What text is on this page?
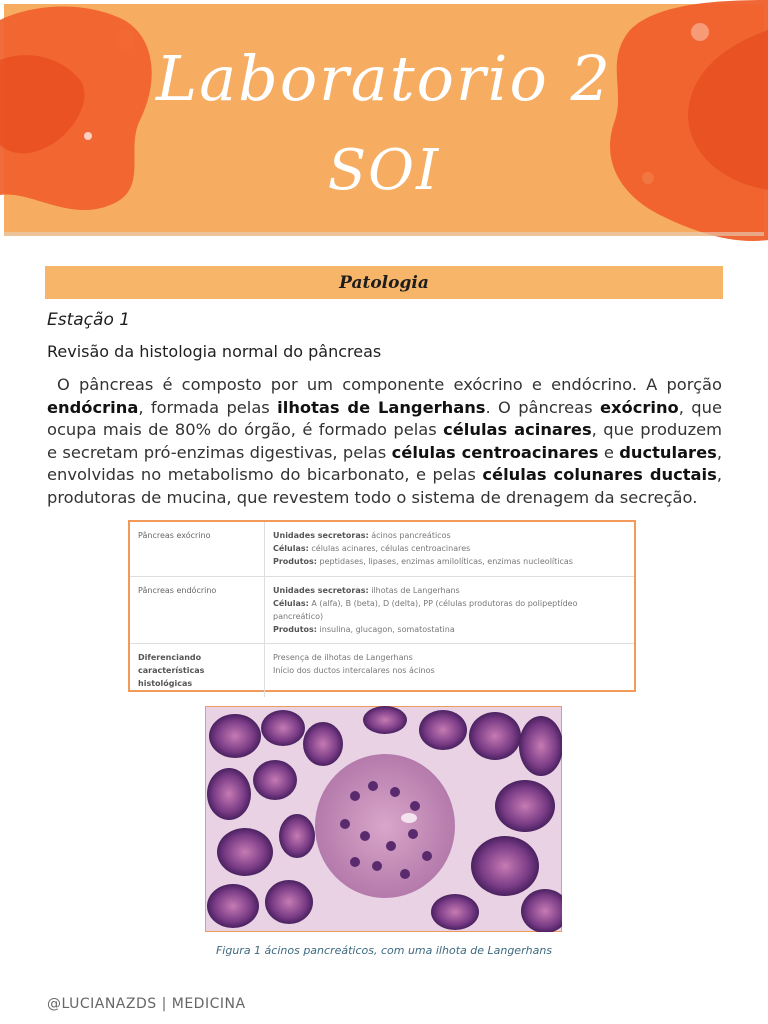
Laboratorio 2
SOI
Patologia
Estação 1
Revisão da histologia normal do pâncreas
O pâncreas é composto por um componente exócrino e endócrino. A porção
endócrina, formada pelas ilhotas de Langerhans. O pâncreas exócrino, que
ocupa mais de 80% do órgão, é formado pelas células acinares, que produzem
e secretam pró-enzimas digestivas, pelas células centroacinares e ductulares,
envolvidas no metabolismo do bicarbonato, e pelas células colunares ductais,
produtoras de mucina, que revestem todo o sistema de drenagem da secreção.
Pâncreas exócrino	Unidades secretoras: ácinos pancreáticos
Células: células acinares, células centroacinares
Produtos: peptidases, lipases, enzimas amilolíticas, enzimas nucleolíticas

Pâncreas endócrino	Unidades secretoras: ilhotas de Langerhans
Células: A (alfa), B (beta), D (delta), PP (células produtoras do polipeptídeo
pancreático)
Produtos: insulina, glucagon, somatostatina

Diferenciando características histológicas	Presença de ilhotas de Langerhans
Início dos ductos intercalares nos ácinos
Figura 1 ácinos pancreáticos, com uma ilhota de Langerhans
@LUCIANAZDS | MEDICINA
